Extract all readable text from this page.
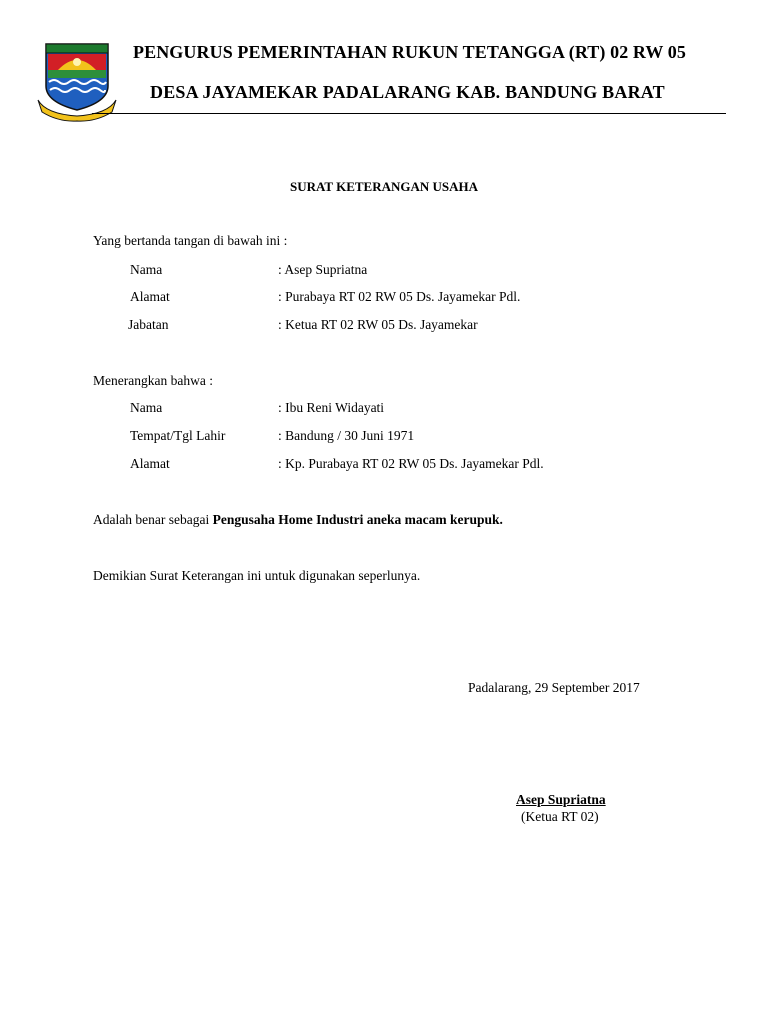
PENGURUS PEMERINTAHAN RUKUN TETANGGA (RT) 02 RW 05
DESA JAYAMEKAR PADALARANG KAB. BANDUNG BARAT
SURAT KETERANGAN USAHA
Yang bertanda tangan di bawah ini :
Nama	: Asep Supriatna
Alamat	: Purabaya RT 02 RW 05 Ds. Jayamekar Pdl.
Jabatan	: Ketua RT 02 RW 05 Ds. Jayamekar
Menerangkan bahwa :
Nama	: Ibu Reni Widayati
Tempat/Tgl Lahir	: Bandung / 30 Juni 1971
Alamat	: Kp. Purabaya RT 02 RW 05 Ds. Jayamekar Pdl.
Adalah benar sebagai Pengusaha Home Industri aneka macam kerupuk.
Demikian Surat Keterangan ini untuk digunakan seperlunya.
Padalarang, 29 September 2017
Asep Supriatna
(Ketua RT 02)
